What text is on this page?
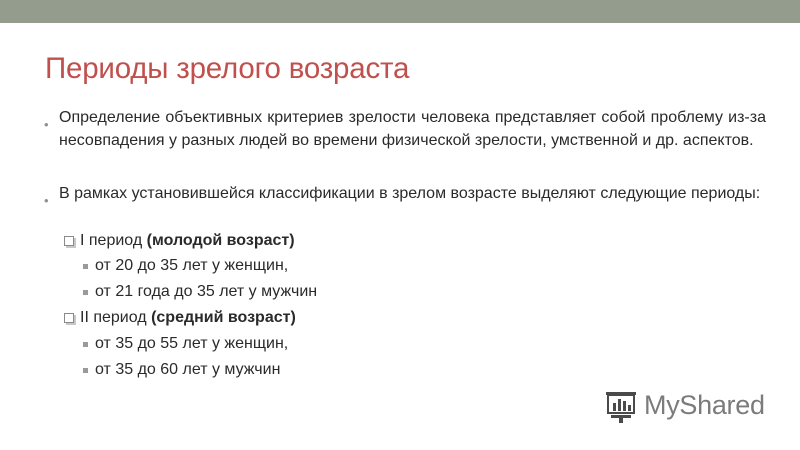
Периоды зрелого возраста
• Определение объективных критериев зрелости человека представляет собой проблему из-за несовпадения у разных людей во времени физической зрелости, умственной и др. аспектов.
• В рамках установившейся классификации в зрелом возрасте выделяют следующие периоды:
I период (молодой возраст)
от 20 до 35 лет у женщин,
от 21 года до 35 лет у мужчин
II период (средний возраст)
от 35 до 55 лет у женщин,
от 35 до 60 лет у мужчин
MyShared
